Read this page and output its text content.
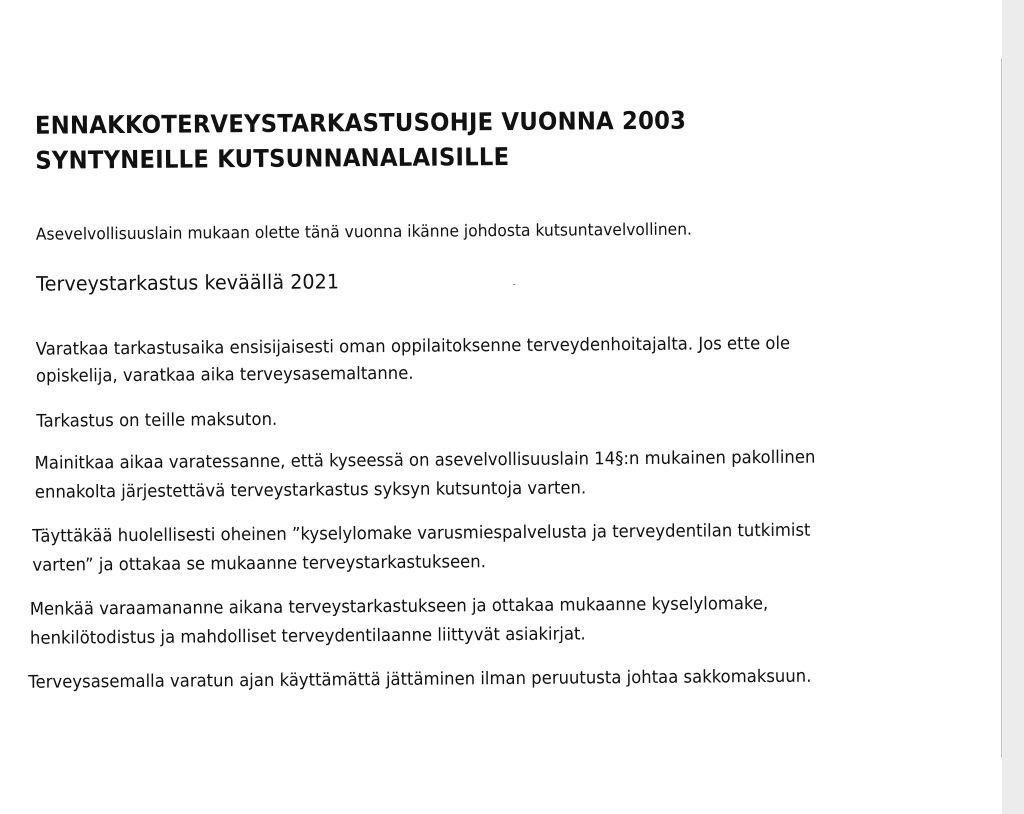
ENNAKKOTERVEYSTARKASTUSOHJE VUONNA 2003
SYNTYNEILLE KUTSUNNANALAISILLE
Asevelvollisuuslain mukaan olette tänä vuonna ikänne johdosta kutsuntavelvollinen.
Terveystarkastus keväällä 2021
Varatkaa tarkastusaika ensisijaisesti oman oppilaitoksenne terveydenhoitajalta. Jos ette ole
opiskelija, varatkaa aika terveysasemaltanne.
Tarkastus on teille maksuton.
Mainitkaa aikaa varatessanne, että kyseessä on asevelvollisuuslain 14§:n mukainen pakollinen
ennakolta järjestettävä terveystarkastus syksyn kutsuntoja varten.
Täyttäkää huolellisesti oheinen ”kyselylomake varusmiespalvelusta ja terveydentilan tutkimist
varten” ja ottakaa se mukaanne terveystarkastukseen.
Menkää varaamananne aikana terveystarkastukseen ja ottakaa mukaanne kyselylomake,
henkilötodistus ja mahdolliset terveydentilaanne liittyvät asiakirjat.
Terveysasemalla varatun ajan käyttämättä jättäminen ilman peruutusta johtaa sakkomaksuun.
